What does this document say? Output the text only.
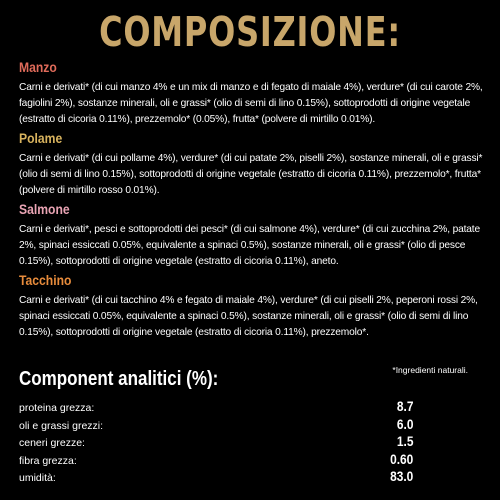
COMPOSIZIONE:
Manzo
Carni e derivati* (di cui manzo 4% e un mix di manzo e di fegato di maiale 4%), verdure* (di cui carote 2%, fagiolini 2%), sostanze minerali, oli e grassi* (olio di semi di lino 0.15%), sottoprodotti di origine vegetale (estratto di cicoria 0.11%), prezzemolo* (0.05%), frutta* (polvere di mirtillo 0.01%).
Polame
Carni e derivati* (di cui pollame 4%), verdure* (di cui patate 2%, piselli 2%), sostanze minerali, oli e grassi* (olio di semi di lino 0.15%), sottoprodotti di origine vegetale (estratto di cicoria 0.11%), prezzemolo*, frutta* (polvere di mirtillo rosso 0.01%).
Salmone
Carni e derivati*, pesci e sottoprodotti dei pesci* (di cui salmone 4%), verdure* (di cui zucchina 2%, patate 2%, spinaci essiccati 0.05%, equivalente a spinaci 0.5%), sostanze minerali, oli e grassi* (olio di pesce 0.15%), sottoprodotti di origine vegetale (estratto di cicoria 0.11%), aneto.
Tacchino
Carni e derivati* (di cui tacchino 4% e fegato di maiale 4%), verdure* (di cui piselli 2%, peperoni rossi 2%, spinaci essiccati 0.05%, equivalente a spinaci 0.5%), sostanze minerali, oli e grassi* (olio di semi di lino 0.15%), sottoprodotti di origine vegetale (estratto di cicoria 0.11%), prezzemolo*.
*Ingredienti naturali.
Component analitici (%):
proteina grezza:	8.7
oli e grassi grezzi:	6.0
ceneri grezze:	1.5
fibra grezza:	0.60
umidità:	83.0
